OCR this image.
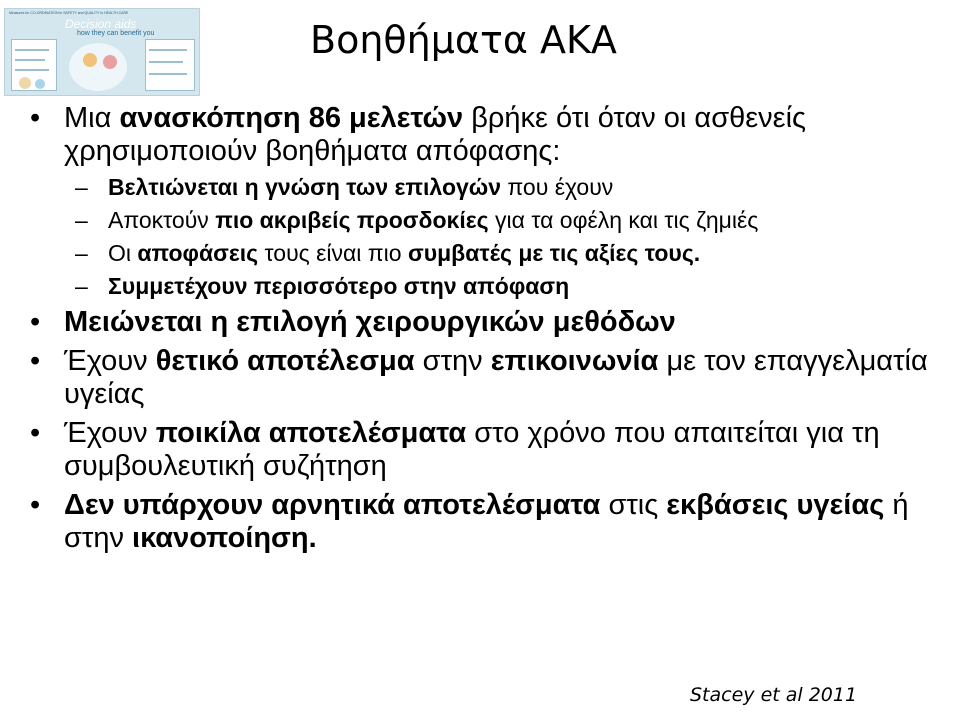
Measures for CO-ORDINATION in SAFETY and QUALITY in HEALTH CARE
Decision aids
how they can benefit you	Βοηθήματα ΑΚΑ
• Μια ανασκόπηση 86 μελετών βρήκε ότι όταν οι ασθενείς χρησιμοποιούν βοηθήματα απόφασης:
– Βελτιώνεται η γνώση των επιλογών που έχουν
– Αποκτούν πιο ακριβείς προσδοκίες για τα οφέλη και τις ζημιές
– Οι αποφάσεις τους είναι πιο συμβατές με τις αξίες τους.
– Συμμετέχουν περισσότερο στην απόφαση
• Μειώνεται η επιλογή χειρουργικών μεθόδων
• Έχουν θετικό αποτέλεσμα στην επικοινωνία με τον επαγγελματία υγείας
• Έχουν ποικίλα αποτελέσματα στο χρόνο που απαιτείται για τη συμβουλευτική συζήτηση
• Δεν υπάρχουν αρνητικά αποτελέσματα στις εκβάσεις υγείας ή στην ικανοποίηση.
Stacey et al 2011
